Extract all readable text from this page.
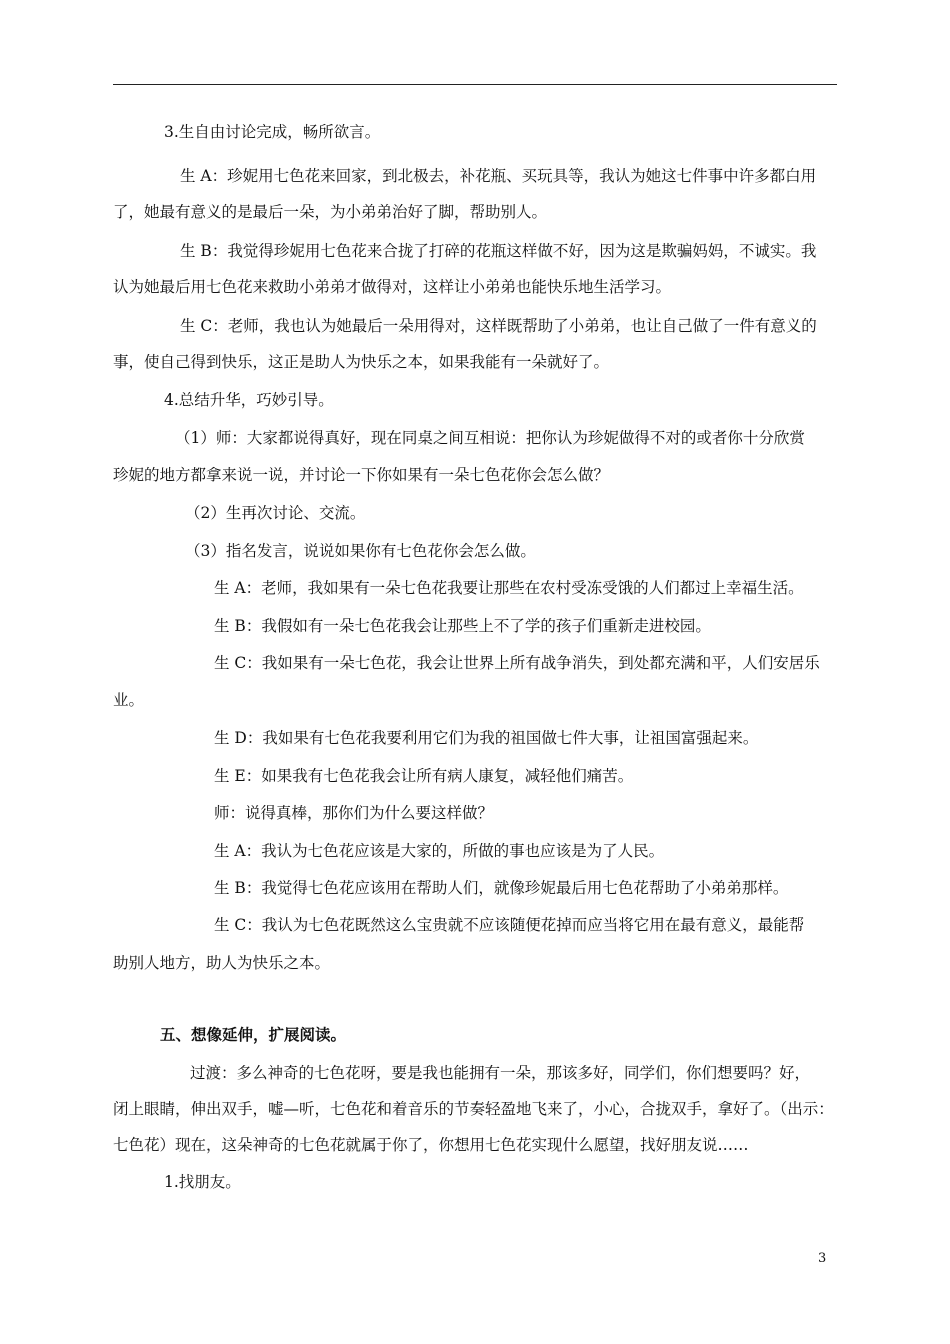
3.生自由讨论完成，畅所欲言。
生 A：珍妮用七色花来回家，到北极去，补花瓶、买玩具等，我认为她这七件事中许多都白用
了，她最有意义的是最后一朵，为小弟弟治好了脚，帮助别人。
生 B：我觉得珍妮用七色花来合拢了打碎的花瓶这样做不好，因为这是欺骗妈妈，不诚实。我
认为她最后用七色花来救助小弟弟才做得对，这样让小弟弟也能快乐地生活学习。
生 C：老师，我也认为她最后一朵用得对，这样既帮助了小弟弟，也让自己做了一件有意义的
事，使自己得到快乐，这正是助人为快乐之本，如果我能有一朵就好了。
4.总结升华，巧妙引导。
（1）师：大家都说得真好，现在同桌之间互相说：把你认为珍妮做得不对的或者你十分欣赏
珍妮的地方都拿来说一说，并讨论一下你如果有一朵七色花你会怎么做？
（2）生再次讨论、交流。
（3）指名发言，说说如果你有七色花你会怎么做。
生 A：老师，我如果有一朵七色花我要让那些在农村受冻受饿的人们都过上幸福生活。
生 B：我假如有一朵七色花我会让那些上不了学的孩子们重新走进校园。
生 C：我如果有一朵七色花，我会让世界上所有战争消失，到处都充满和平，人们安居乐
业。
生 D：我如果有七色花我要利用它们为我的祖国做七件大事，让祖国富强起来。
生 E：如果我有七色花我会让所有病人康复，减轻他们痛苦。
师：说得真棒，那你们为什么要这样做？
生 A：我认为七色花应该是大家的，所做的事也应该是为了人民。
生 B：我觉得七色花应该用在帮助人们，就像珍妮最后用七色花帮助了小弟弟那样。
生 C：我认为七色花既然这么宝贵就不应该随便花掉而应当将它用在最有意义，最能帮
助别人地方，助人为快乐之本。
五、想像延伸，扩展阅读。
过渡：多么神奇的七色花呀，要是我也能拥有一朵，那该多好，同学们，你们想要吗？好，
闭上眼睛，伸出双手，嘘—听，七色花和着音乐的节奏轻盈地飞来了，小心，合拢双手，拿好了。（出示：
七色花）现在，这朵神奇的七色花就属于你了，你想用七色花实现什么愿望，找好朋友说……
1.找朋友。
3
